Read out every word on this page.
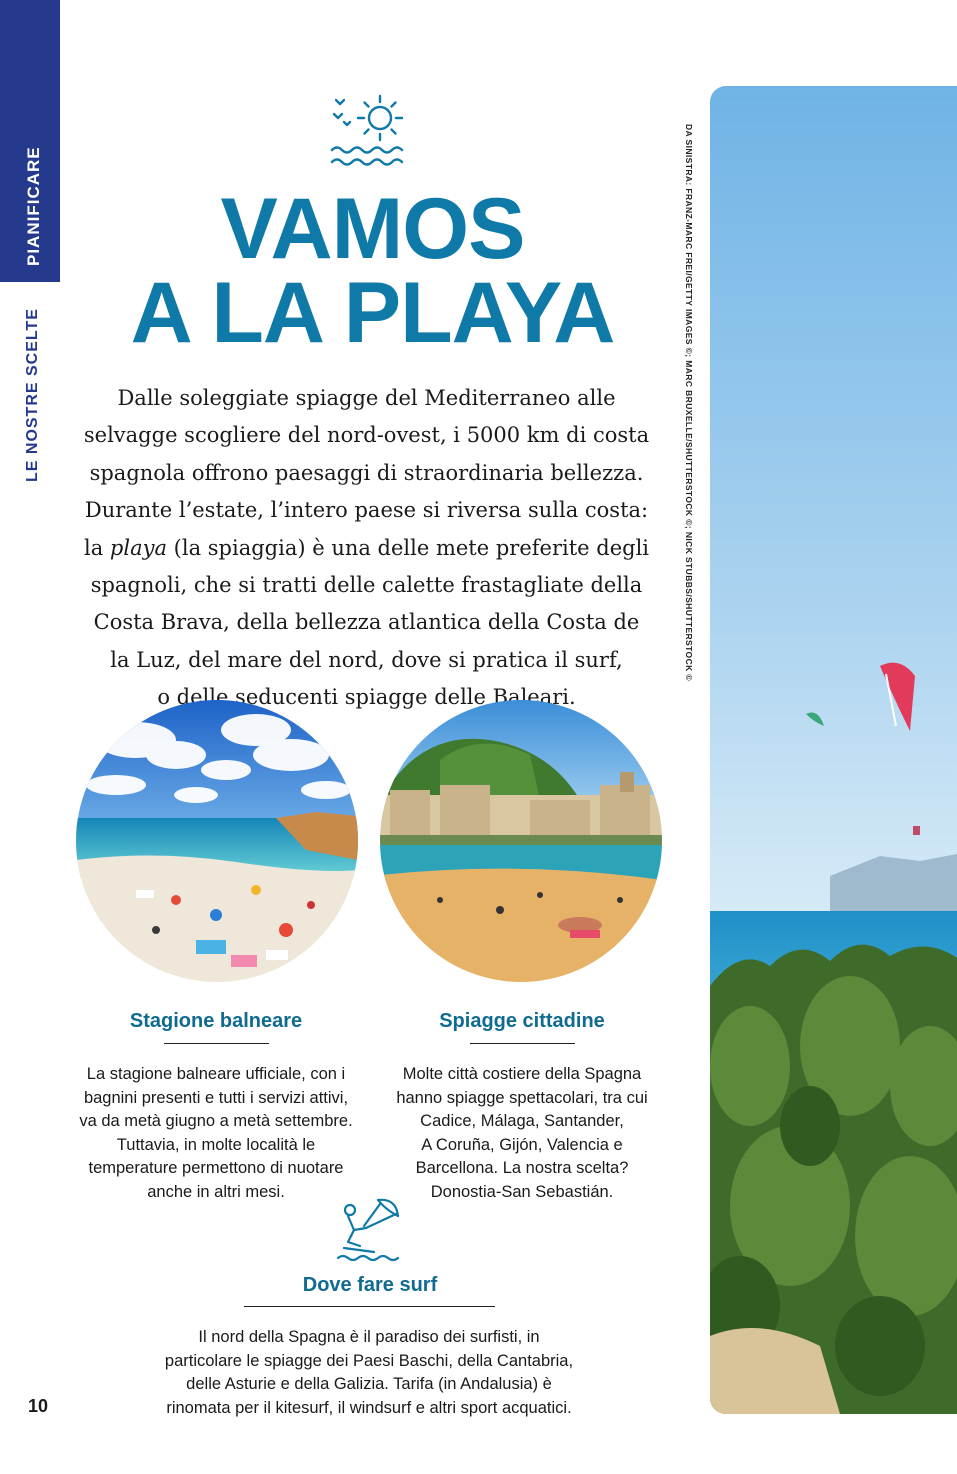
PIANIFICARE
LE NOSTRE SCELTE
10
VAMOS
A LA PLAYA
Dalle soleggiate spiagge del Mediterraneo alle
selvagge scogliere del nord-ovest, i 5000 km di costa
spagnola offrono paesaggi di straordinaria bellezza.
Durante l’estate, l’intero paese si riversa sulla costa:
la playa (la spiaggia) è una delle mete preferite degli
spagnoli, che si tratti delle calette frastagliate della
Costa Brava, della bellezza atlantica della Costa de
la Luz, del mare del nord, dove si pratica il surf,
o delle seducenti spiagge delle Baleari.
Stagione balneare
La stagione balneare ufficiale, con i
bagnini presenti e tutti i servizi attivi,
va da metà giugno a metà settembre.
Tuttavia, in molte località le
temperature permettono di nuotare
anche in altri mesi.
Spiagge cittadine
Molte città costiere della Spagna
hanno spiagge spettacolari, tra cui
Cadice, Málaga, Santander,
A Coruña, Gijón, Valencia e
Barcellona. La nostra scelta?
Donostia-San Sebastián.
Dove fare surf
Il nord della Spagna è il paradiso dei surfisti, in
particolare le spiagge dei Paesi Baschi, della Cantabria,
delle Asturie e della Galizia. Tarifa (in Andalusia) è
rinomata per il kitesurf, il windsurf e altri sport acquatici.
DA SINISTRA: FRANZ-MARC FREI/GETTY IMAGES ©; MARC BRUXELLE/SHUTTERSTOCK ©; NICK STUBBS/SHUTTERSTOCK ©
